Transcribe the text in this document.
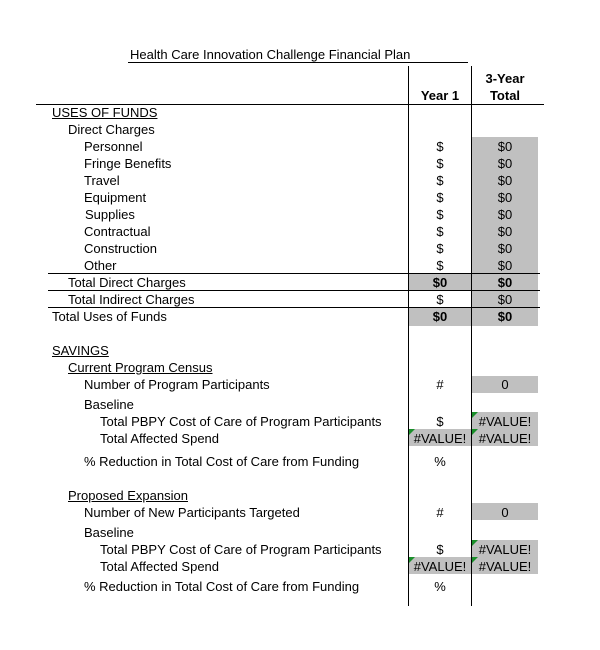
Health Care Innovation Challenge Financial Plan
Year 1
3-Year
Total
USES OF FUNDS
Direct Charges
Personnel	$	$0
Fringe Benefits	$	$0
Travel	$	$0
Equipment	$	$0
Supplies	$	$0
Contractual	$	$0
Construction	$	$0
Other	$	$0
Total Direct Charges	$0	$0
Total Indirect Charges	$	$0
Total Uses of Funds	$0	$0
SAVINGS
Current Program Census
Number of Program Participants	#	0
Baseline
Total PBPY Cost of Care of Program Participants	$	#VALUE!
Total Affected Spend	#VALUE! #VALUE!
% Reduction in Total Cost of Care from Funding	%
Proposed Expansion
Number of New Participants Targeted	#	0
Baseline
Total PBPY Cost of Care of Program Participants	$	#VALUE!
Total Affected Spend	#VALUE! #VALUE!
% Reduction in Total Cost of Care from Funding	%
